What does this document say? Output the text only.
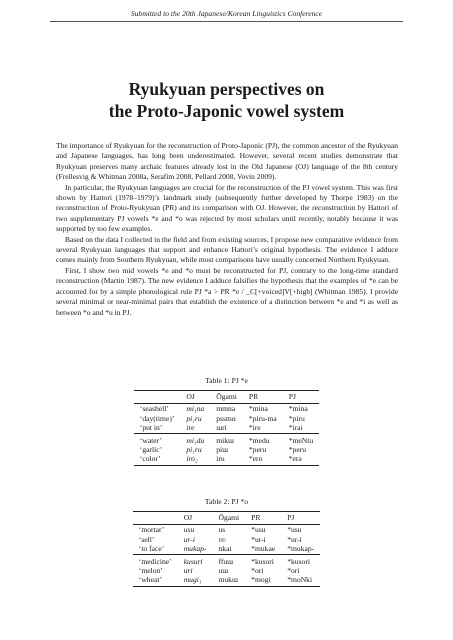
Submitted to the 20th Japanese/Korean Linguistics Conference
Ryukyuan perspectives on
the Proto-Japonic vowel system

The importance of Ryukyuan for the reconstruction of Proto-Japonic (PJ), the common ancestor of the Ryukyuan and Japanese languages, has long been underestimated. However, several recent studies demonstrate that Ryukyuan preserves many archaic features already lost in the Old Japanese (OJ) language of the 8th century (Frellesvig & Whitman 2008a, Serafim 2008, Pellard 2008, Vovin 2009).

In particular, the Ryukyuan languages are crucial for the reconstruction of the PJ vowel system. This was first shown by Hattori (1978–1979)’s landmark study (subsequently further developed by Thorpe 1983) on the reconstruction of Proto-Ryukyuan (PR) and its comparison with OJ. However, the reconstruction by Hattori of two supplementary PJ vowels *e and *o was rejected by most scholars until recently, notably because it was supported by too few examples.

Based on the data I collected in the field and from existing sources, I propose new comparative evidence from several Ryukyuan languages that support and enhance Hattori’s original hypothesis. The evidence I adduce comes mainly from Southern Ryukyuan, while most comparisons have usually concerned Northern Ryukyuan.

First, I show two mid vowels *e and *o must be reconstructed for PJ, contrary to the long-time standard reconstruction (Martin 1987). The new evidence I adduce falsifies the hypothesis that the examples of *e can be accounted for by a simple phonological rule PJ *a > PR *e / _C[+voiced]V[+high] (Whitman 1985). I provide several minimal or near-minimal pairs that establish the existence of a distinction between *e and *i as well as between *o and *u in PJ.

Table 1: PJ *e
	OJ	Ōgami	PR	PJ
‘seashell’	mi₁na	mmna	*mina	*mina
‘day(time)’	pi₁ru	pssmɑ	*piru-ma	*piru
‘put in’	ire	ɯri	*ire	*irai
‘water’	mi₁du	mikɯ	*medu	*meNtu
‘garlic’	pi₁ru	piɯ	*peru	*peru
‘color’	iro₂	iru	*ero	*erə
Table 2: PJ *o
	OJ	Ōgami	PR	PJ
‘mortar’	usu	us	*usu	*usu
‘sell’	ur-i	ʋʋ	*ur-i	*ur-i
‘to face’	mukap-	nkai	*mukae	*mukap-
‘medicine’	kusuri	ffuɯ	*kusori	*kusori
‘melon’	uri	uɯ	*ori	*ori
‘wheat’	mugi₁	mukɯ	*mogi	*moNki
